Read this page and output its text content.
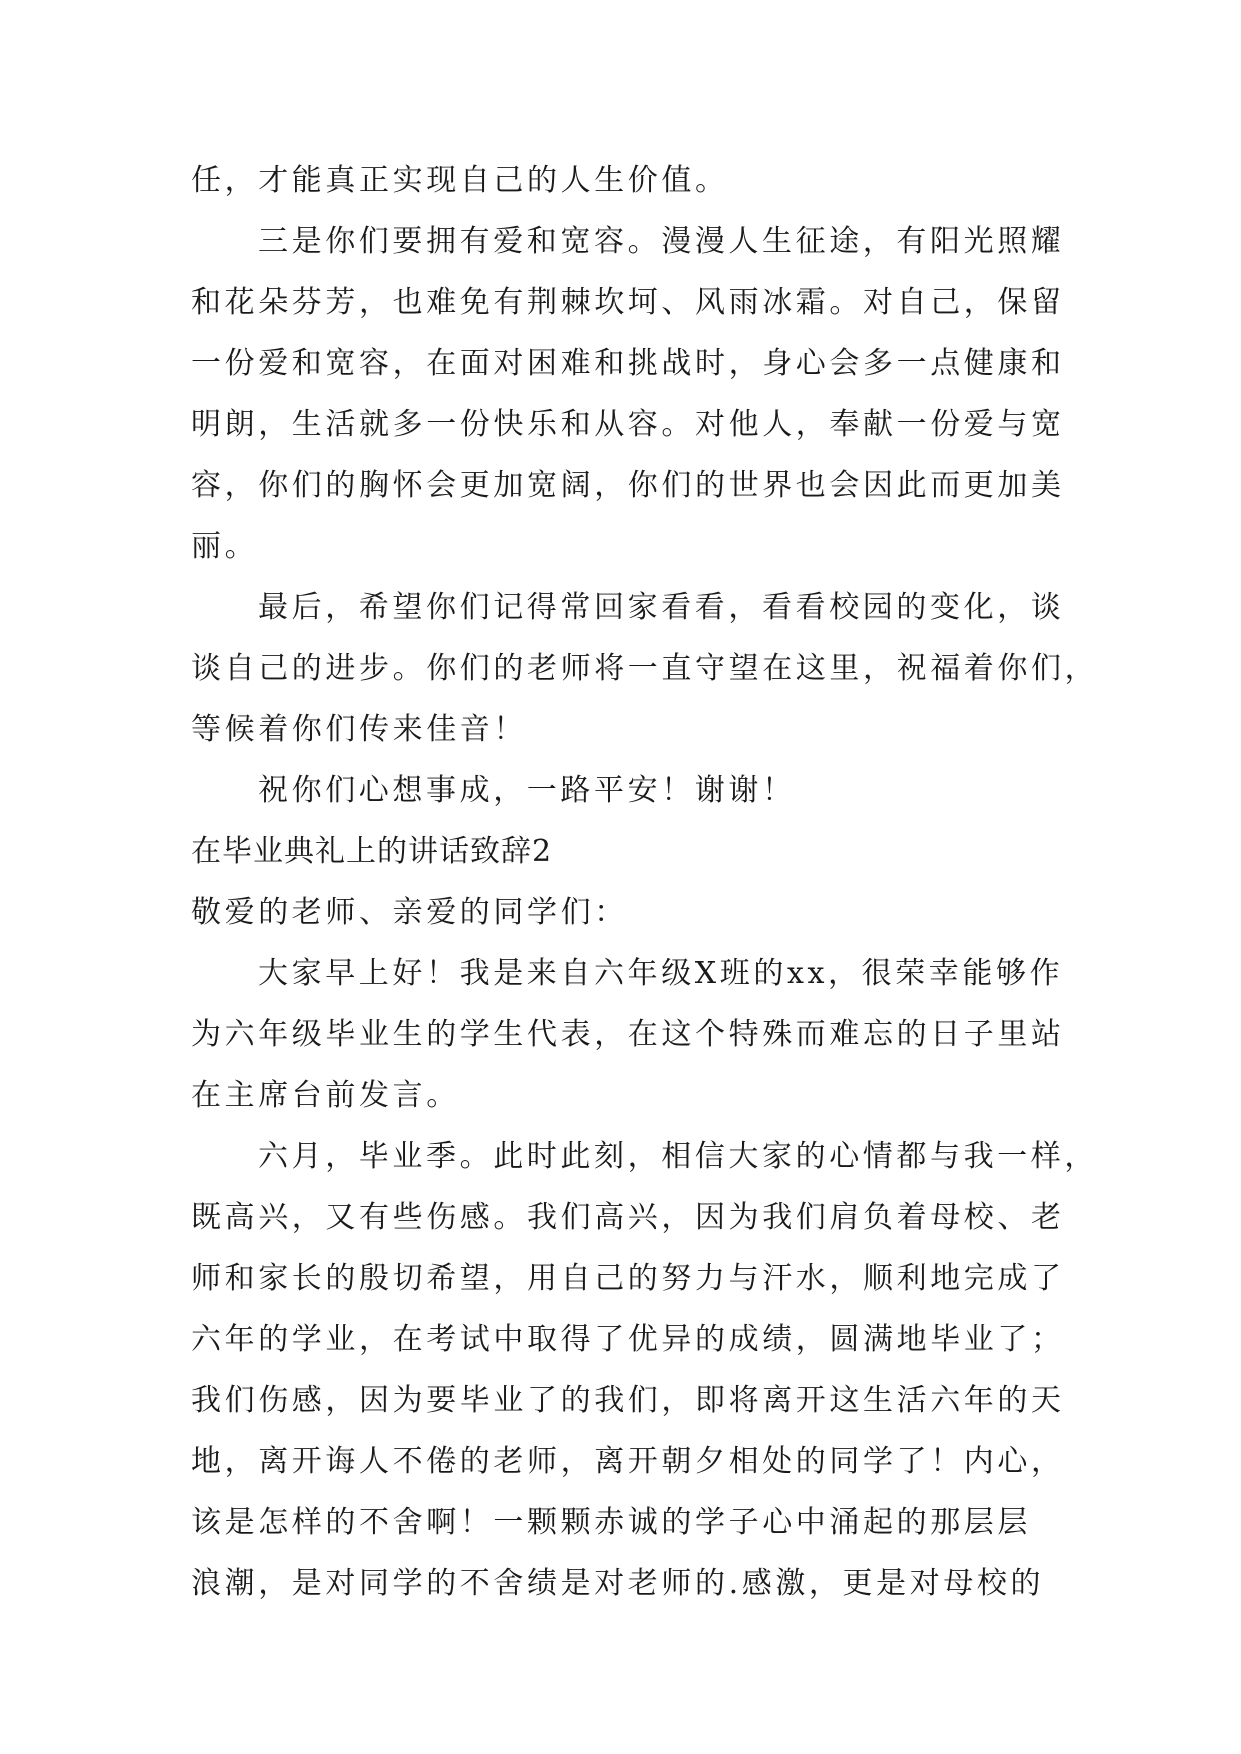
任，才能真正实现自己的人生价值。
三是你们要拥有爱和宽容。漫漫人生征途，有阳光照耀
和花朵芬芳，也难免有荆棘坎坷、风雨冰霜。对自己，保留
一份爱和宽容，在面对困难和挑战时，身心会多一点健康和
明朗，生活就多一份快乐和从容。对他人，奉献一份爱与宽
容，你们的胸怀会更加宽阔，你们的世界也会因此而更加美
丽。
最后，希望你们记得常回家看看，看看校园的变化，谈
谈自己的进步。你们的老师将一直守望在这里，祝福着你们，
等候着你们传来佳音！
祝你们心想事成，一路平安！谢谢！
在毕业典礼上的讲话致辞2
敬爱的老师、亲爱的同学们：
大家早上好！我是来自六年级X班的xx，很荣幸能够作
为六年级毕业生的学生代表，在这个特殊而难忘的日子里站
在主席台前发言。
六月，毕业季。此时此刻，相信大家的心情都与我一样，
既高兴，又有些伤感。我们高兴，因为我们肩负着母校、老
师和家长的殷切希望，用自己的努力与汗水，顺利地完成了
六年的学业，在考试中取得了优异的成绩，圆满地毕业了；
我们伤感，因为要毕业了的我们，即将离开这生活六年的天
地，离开诲人不倦的老师，离开朝夕相处的同学了！内心，
该是怎样的不舍啊！一颗颗赤诚的学子心中涌起的那层层
浪潮，是对同学的不舍绩是对老师的.感激，更是对母校的
